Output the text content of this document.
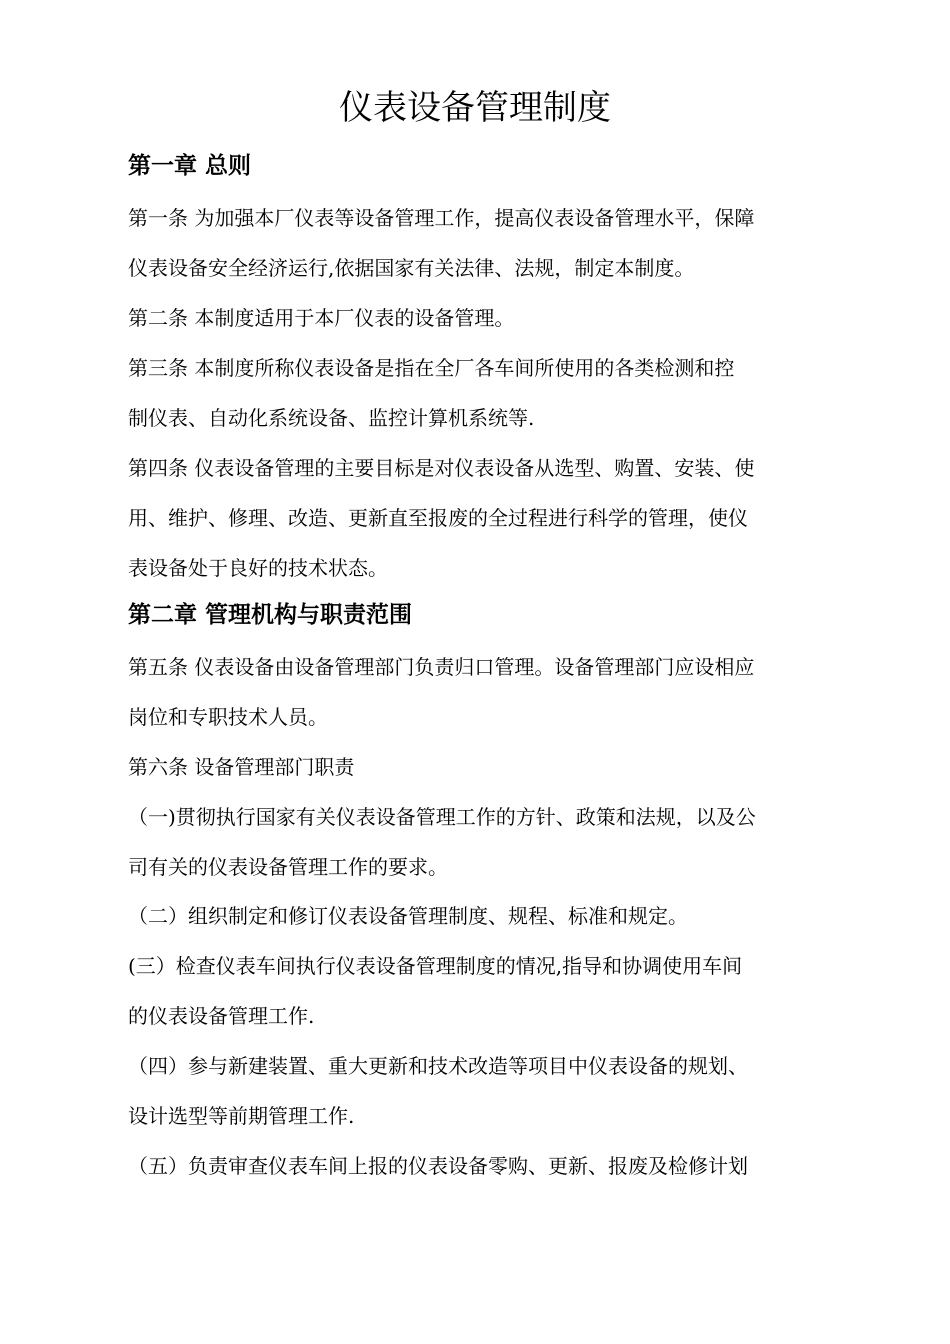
仪表设备管理制度
第一章 总则

第一条 为加强本厂仪表等设备管理工作，提高仪表设备管理水平，保障

仪表设备安全经济运行,依据国家有关法律、法规，制定本制度。

第二条 本制度适用于本厂仪表的设备管理。

第三条 本制度所称仪表设备是指在全厂各车间所使用的各类检测和控

制仪表、自动化系统设备、监控计算机系统等.

第四条 仪表设备管理的主要目标是对仪表设备从选型、购置、安装、使

用、维护、修理、改造、更新直至报废的全过程进行科学的管理，使仪

表设备处于良好的技术状态。

第二章 管理机构与职责范围

第五条 仪表设备由设备管理部门负责归口管理。设备管理部门应设相应

岗位和专职技术人员。

第六条 设备管理部门职责

（一)贯彻执行国家有关仪表设备管理工作的方针、政策和法规，以及公

司有关的仪表设备管理工作的要求。

（二）组织制定和修订仪表设备管理制度、规程、标准和规定。

(三）检查仪表车间执行仪表设备管理制度的情况,指导和协调使用车间

的仪表设备管理工作.

（四）参与新建装置、重大更新和技术改造等项目中仪表设备的规划、

设计选型等前期管理工作.

（五）负责审查仪表车间上报的仪表设备零购、更新、报废及检修计划
